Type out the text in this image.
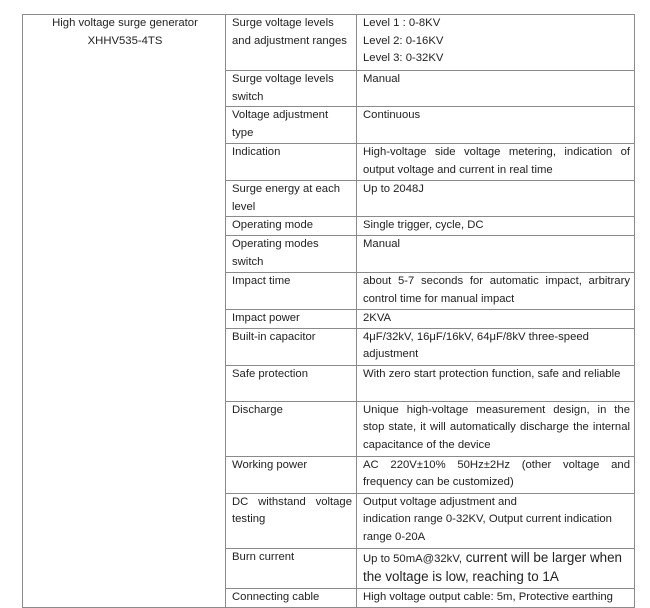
High voltage surge generator
XHHV535-4TS	Surge voltage levels and adjustment ranges	Level 1 : 0-8KV
Level 2: 0-16KV
Level 3: 0-32KV

	Surge voltage levels switch	Manual
	Voltage adjustment type	Continuous
	Indication	High-voltage side voltage metering, indication of output voltage and current in real time
	Surge energy at each level	Up to 2048J
	Operating mode	Single trigger, cycle, DC
	Operating modes switch	Manual
	Impact time	about 5-7 seconds for automatic impact, arbitrary control time for manual impact
	Impact power	2KVA
	Built-in capacitor	4μF/32kV, 16μF/16kV, 64μF/8kV three-speed adjustment
	Safe protection	With zero start protection function, safe and reliable
	Discharge	Unique high-voltage measurement design, in the stop state, it will automatically discharge the internal capacitance of the device
	Working power	AC 220V±10% 50Hz±2Hz (other voltage and frequency can be customized)
	DC withstand voltage testing	Output voltage adjustment and
indication range 0-32KV, Output current indication range 0-20A
	Burn current	Up to 50mA@32kV, current will be larger when the voltage is low, reaching to 1A
	Connecting cable	High voltage output cable: 5m, Protective earthing
